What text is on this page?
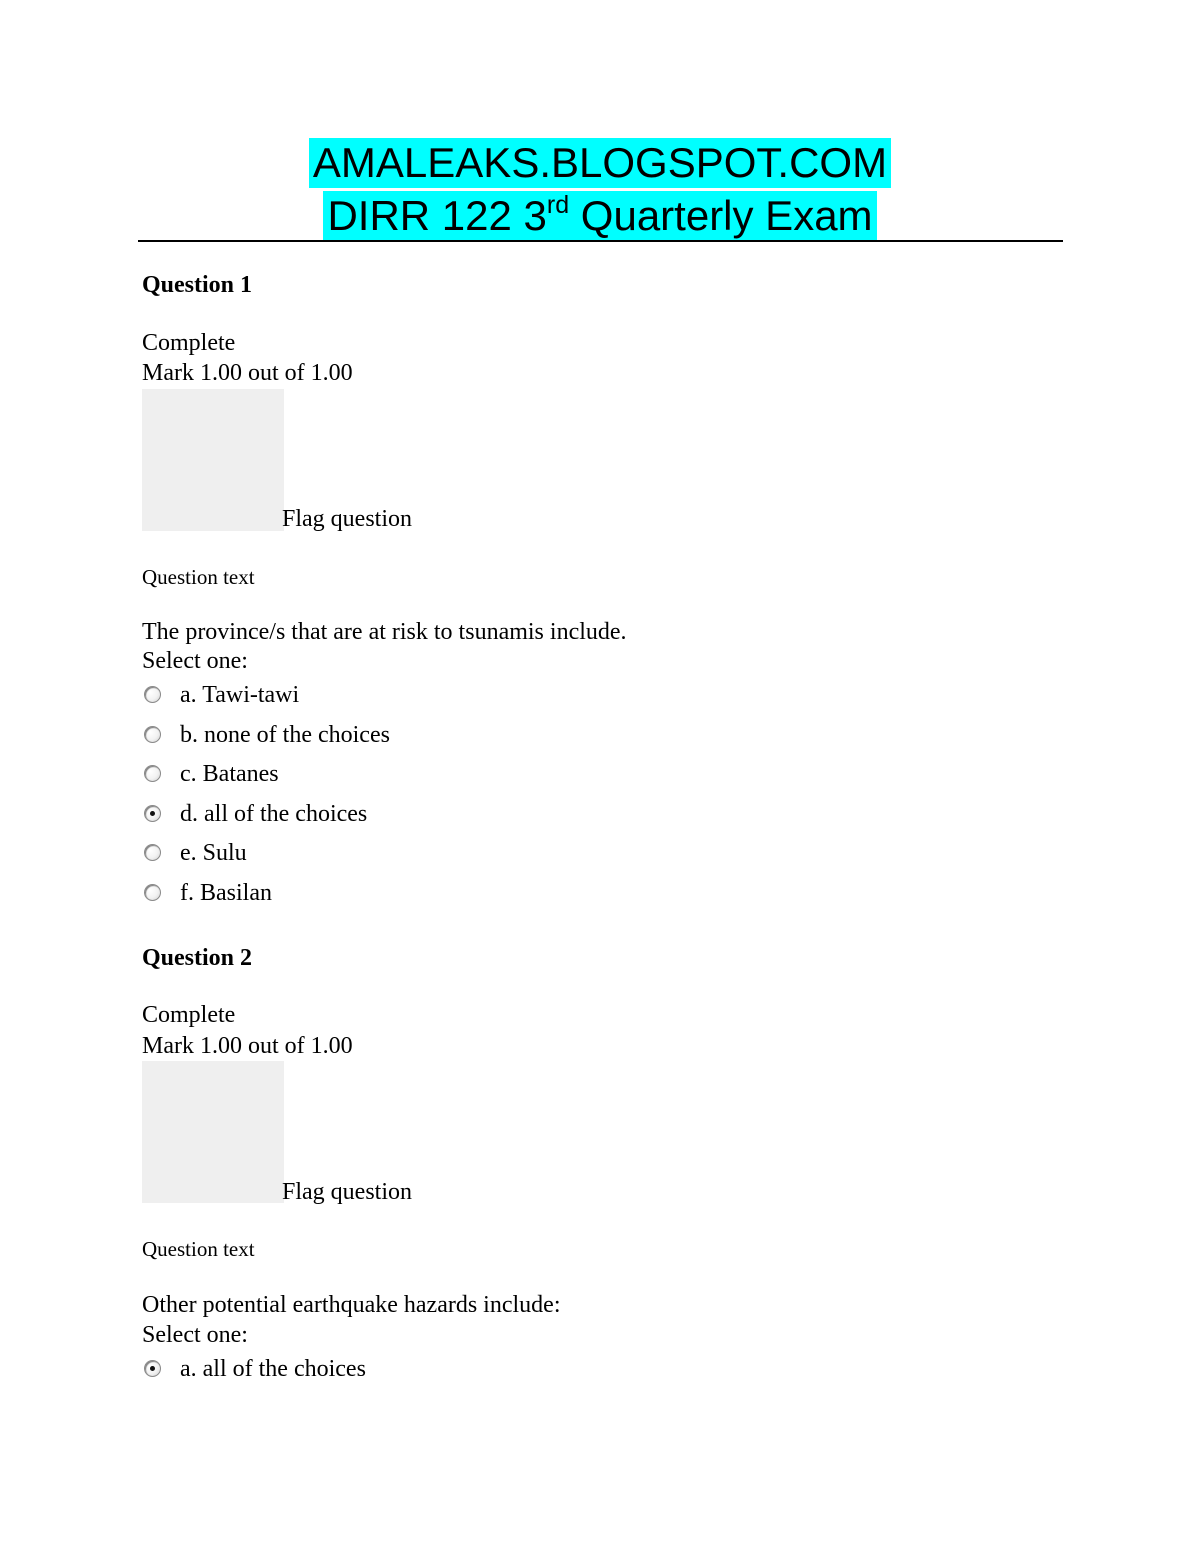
AMALEAKS.BLOGSPOT.COM
DIRR 122 3rd Quarterly Exam
Question 1
Complete
Mark 1.00 out of 1.00
Flag question
Question text
The province/s that are at risk to tsunamis include.
Select one:
a. Tawi-tawi
b. none of the choices
c. Batanes
d. all of the choices
e. Sulu
f. Basilan
Question 2
Complete
Mark 1.00 out of 1.00
Flag question
Question text
Other potential earthquake hazards include:
Select one:
a. all of the choices
